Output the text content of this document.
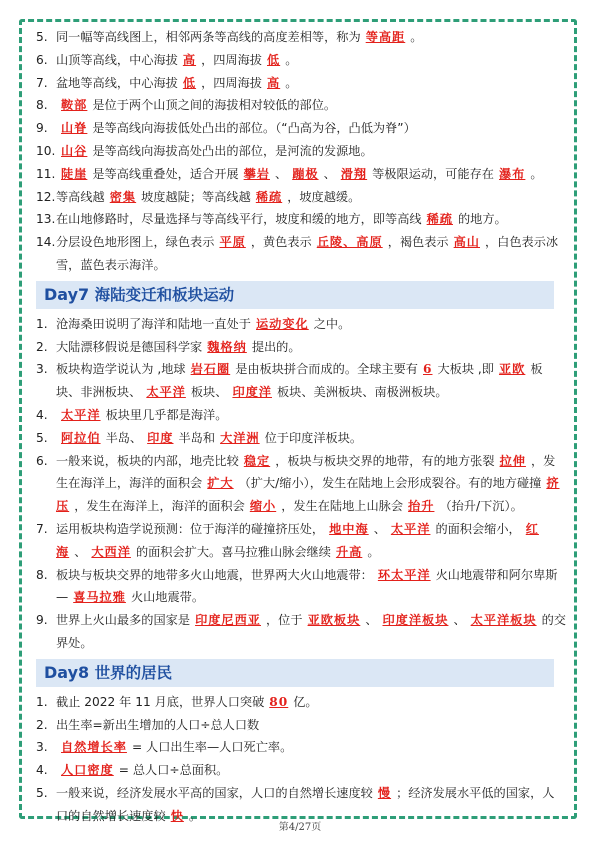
5. 同一幅等高线图上，相邻两条等高线的高度差相等，称为 等高距 。

6. 山顶等高线，中心海拔 高 ，四周海拔 低 。

7. 盆地等高线，中心海拔 低 ，四周海拔 高 。

8. 鞍部 是位于两个山顶之间的海拔相对较低的部位。

9. 山脊 是等高线向海拔低处凸出的部位。（“凸高为谷，凸低为脊”）

10. 山谷 是等高线向海拔高处凸出的部位，是河流的发源地。

11. 陡崖 是等高线重叠处，适合开展 攀岩 、 蹦极 、 滑翔 等极限运动，可能存在 瀑布 。

12. 等高线越 密集 坡度越陡；等高线越 稀疏 ，坡度越缓。

13. 在山地修路时，尽量选择与等高线平行，坡度和缓的地方，即等高线 稀疏 的地方。

14. 分层设色地形图上，绿色表示 平原 ，黄色表示 丘陵、高原 ，褐色表示 高山 ，白色表示冰雪，蓝色表示海洋。

Day7 海陆变迁和板块运动

1. 沧海桑田说明了海洋和陆地一直处于 运动变化 之中。

2. 大陆漂移假说是德国科学家 魏格纳 提出的。

3. 板块构造学说认为 ,地球 岩石圈 是由板块拼合而成的。全球主要有 6 大板块 ,即 亚欧 板块、非洲板块、 太平洋 板块、 印度洋 板块、美洲板块、南极洲板块。

4. 太平洋 板块里几乎都是海洋。

5. 阿拉伯 半岛、 印度 半岛和 大洋洲 位于印度洋板块。

6. 一般来说，板块的内部，地壳比较 稳定 ，板块与板块交界的地带，有的地方张裂 拉伸 ，发生在海洋上，海洋的面积会 扩大 （扩大/缩小），发生在陆地上会形成裂谷。有的地方碰撞 挤压 ，发生在海洋上，海洋的面积会 缩小 ，发生在陆地上山脉会 抬升 （抬升/下沉）。

7. 运用板块构造学说预测：位于海洋的碰撞挤压处， 地中海 、 太平洋 的面积会缩小， 红海 、 大西洋 的面积会扩大。喜马拉雅山脉会继续 升高 。

8. 板块与板块交界的地带多火山地震，世界两大火山地震带： 环太平洋 火山地震带和阿尔卑斯— 喜马拉雅 火山地震带。

9. 世界上火山最多的国家是 印度尼西亚 ，位于 亚欧板块 、 印度洋板块 、 太平洋板块 的交界处。

Day8 世界的居民

1. 截止 2022 年 11 月底，世界人口突破 80 亿。

2. 出生率=新出生增加的人口÷总人口数

3. 自然增长率 = 人口出生率—人口死亡率。

4. 人口密度 = 总人口÷总面积。

5. 一般来说，经济发展水平高的国家，人口的自然增长速度较 慢 ；经济发展水平低的国家，人口的自然增长速度较 快 。

第4/27页
